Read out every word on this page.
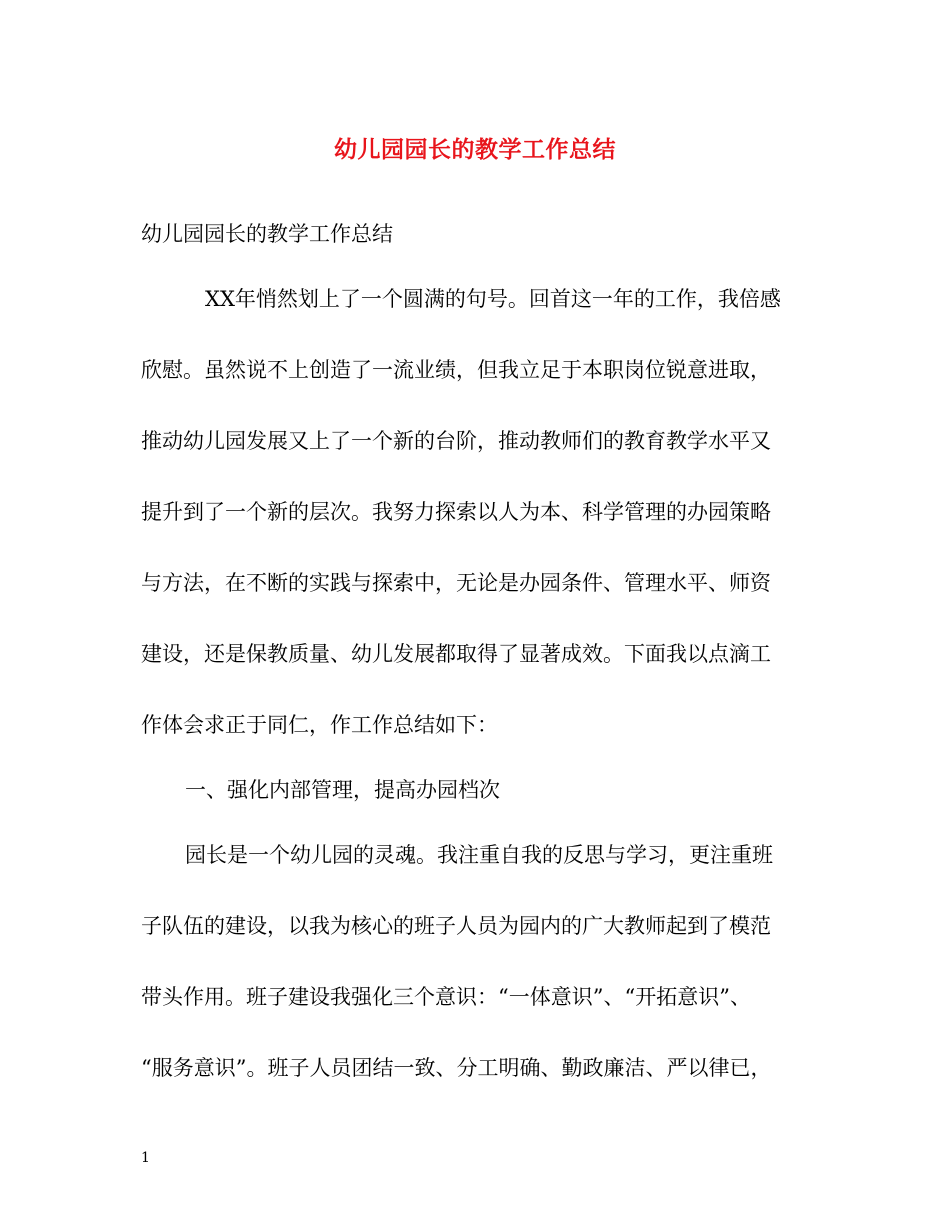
幼儿园园长的教学工作总结

幼儿园园长的教学工作总结

XX年悄然划上了一个圆满的句号。回首这一年的工作，我倍感

欣慰。虽然说不上创造了一流业绩，但我立足于本职岗位锐意进取，

推动幼儿园发展又上了一个新的台阶，推动教师们的教育教学水平又

提升到了一个新的层次。我努力探索以人为本、科学管理的办园策略

与方法，在不断的实践与探索中，无论是办园条件、管理水平、师资

建设，还是保教质量、幼儿发展都取得了显著成效。下面我以点滴工

作体会求正于同仁，作工作总结如下：

一、强化内部管理，提高办园档次

园长是一个幼儿园的灵魂。我注重自我的反思与学习，更注重班

子队伍的建设，以我为核心的班子人员为园内的广大教师起到了模范

带头作用。班子建设我强化三个意识：“一体意识”、“开拓意识”、

“服务意识”。班子人员团结一致、分工明确、勤政廉洁、严以律已，

1
